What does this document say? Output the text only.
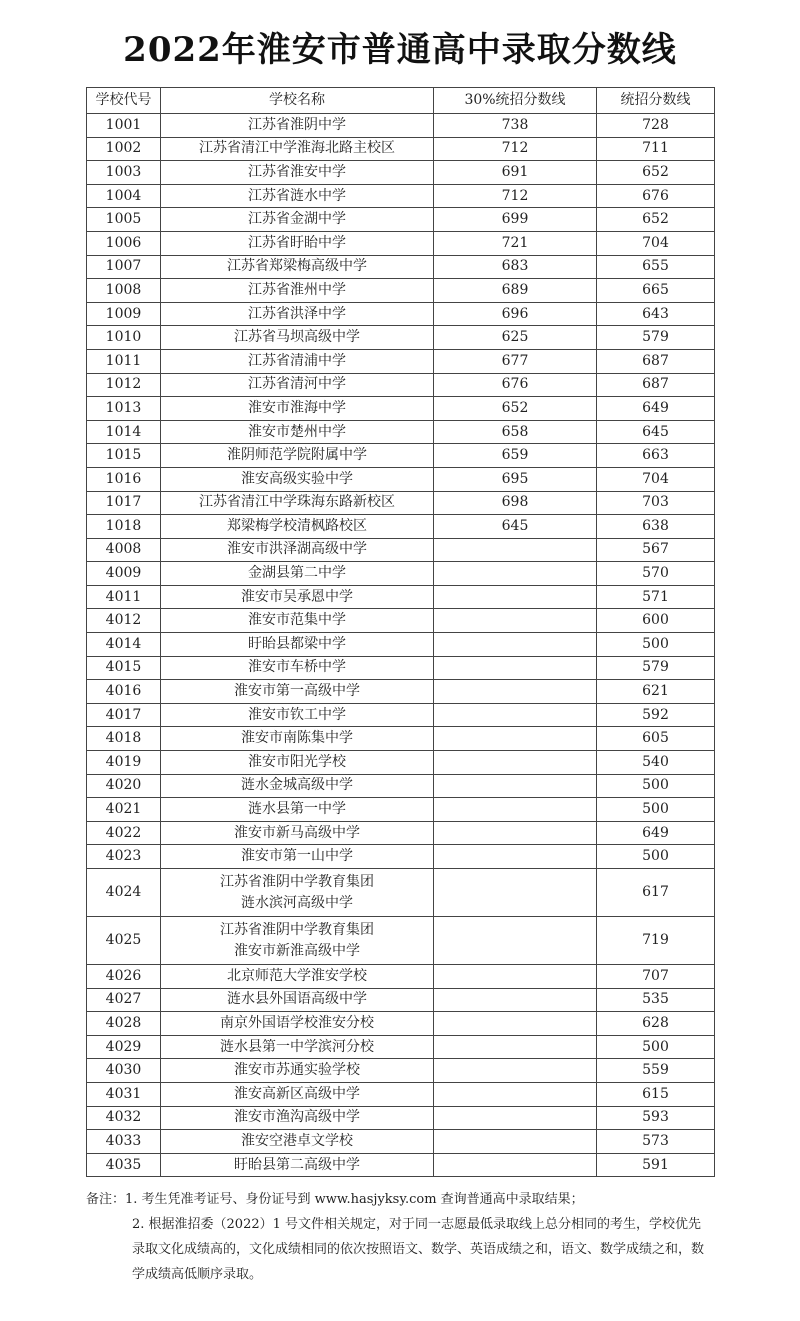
2022年淮安市普通高中录取分数线
学校代号	学校名称	30%统招分数线	统招分数线
1001	江苏省淮阴中学	738	728
1002	江苏省清江中学淮海北路主校区	712	711
1003	江苏省淮安中学	691	652
1004	江苏省涟水中学	712	676
1005	江苏省金湖中学	699	652
1006	江苏省盱眙中学	721	704
1007	江苏省郑梁梅高级中学	683	655
1008	江苏省淮州中学	689	665
1009	江苏省洪泽中学	696	643
1010	江苏省马坝高级中学	625	579
1011	江苏省清浦中学	677	687
1012	江苏省清河中学	676	687
1013	淮安市淮海中学	652	649
1014	淮安市楚州中学	658	645
1015	淮阴师范学院附属中学	659	663
1016	淮安高级实验中学	695	704
1017	江苏省清江中学珠海东路新校区	698	703
1018	郑梁梅学校清枫路校区	645	638
4008	淮安市洪泽湖高级中学		567
4009	金湖县第二中学		570
4011	淮安市吴承恩中学		571
4012	淮安市范集中学		600
4014	盱眙县都梁中学		500
4015	淮安市车桥中学		579
4016	淮安市第一高级中学		621
4017	淮安市钦工中学		592
4018	淮安市南陈集中学		605
4019	淮安市阳光学校		540
4020	涟水金城高级中学		500
4021	涟水县第一中学		500
4022	淮安市新马高级中学		649
4023	淮安市第一山中学		500
4024	江苏省淮阴中学教育集团
涟水滨河高级中学		617
4025	江苏省淮阴中学教育集团
淮安市新淮高级中学		719
4026	北京师范大学淮安学校		707
4027	涟水县外国语高级中学		535
4028	南京外国语学校淮安分校		628
4029	涟水县第一中学滨河分校		500
4030	淮安市苏通实验学校		559
4031	淮安高新区高级中学		615
4032	淮安市渔沟高级中学		593
4033	淮安空港卓文学校		573
4035	盱眙县第二高级中学		591

备注：1. 考生凭准考证号、身份证号到 www.hasjyksy.com 查询普通高中录取结果；

2. 根据淮招委（2022）1 号文件相关规定，对于同一志愿最低录取线上总分相同的考生，学校优先录取文化成绩高的，文化成绩相同的依次按照语文、数学、英语成绩之和，语文、数学成绩之和，数学成绩高低顺序录取。
